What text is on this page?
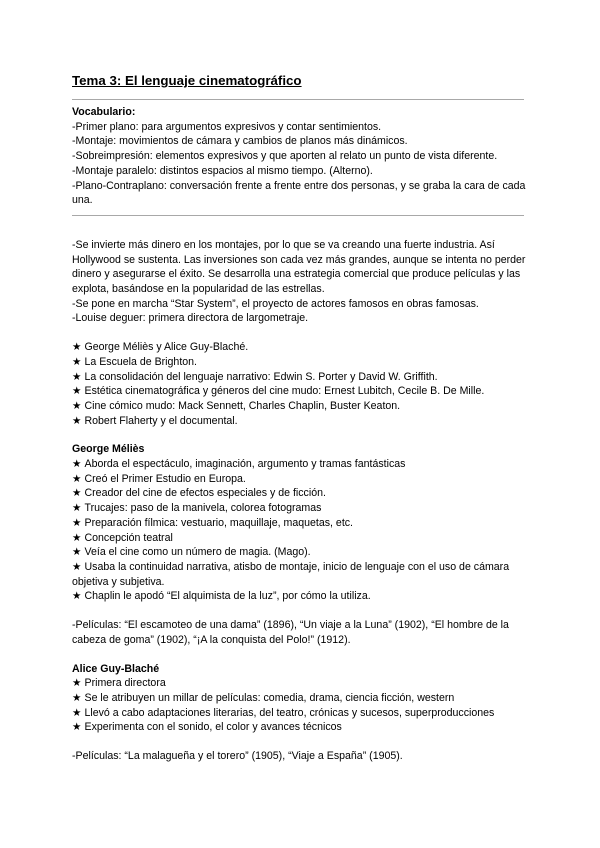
Tema 3: El lenguaje cinematográfico
Vocabulario:

-Primer plano: para argumentos expresivos y contar sentimientos.

-Montaje: movimientos de cámara y cambios de planos más dinámicos.

-Sobreimpresión: elementos expresivos y que aporten al relato un punto de vista diferente.

-Montaje paralelo: distintos espacios al mismo tiempo. (Alterno).

-Plano-Contraplano: conversación frente a frente entre dos personas, y se graba la cara de cada una.

-Se invierte más dinero en los montajes, por lo que se va creando una fuerte industria. Así Hollywood se sustenta. Las inversiones son cada vez más grandes, aunque se intenta no perder dinero y asegurarse el éxito. Se desarrolla una estrategia comercial que produce películas y las explota, basándose en la popularidad de las estrellas.

-Se pone en marcha “Star System”, el proyecto de actores famosos en obras famosas.

-Louise deguer: primera directora de largometraje.

★ George Méliès y Alice Guy-Blaché.
★ La Escuela de Brighton.
★ La consolidación del lenguaje narrativo: Edwin S. Porter y David W. Griffith.
★ Estética cinematográfica y géneros del cine mudo: Ernest Lubitch, Cecile B. De Mille.
★ Cine cómico mudo: Mack Sennett, Charles Chaplin, Buster Keaton.
★ Robert Flaherty y el documental.
George Méliès
★ Aborda el espectáculo, imaginación, argumento y tramas fantásticas
★ Creó el Primer Estudio en Europa.
★ Creador del cine de efectos especiales y de ficción.
★ Trucajes: paso de la manivela, colorea fotogramas
★ Preparación fílmica: vestuario, maquillaje, maquetas, etc.
★ Concepción teatral
★ Veía el cine como un número de magia. (Mago).
★ Usaba la continuidad narrativa, atisbo de montaje, inicio de lenguaje con el uso de cámara objetiva y subjetiva.
★ Chaplin le apodó “El alquimista de la luz”, por cómo la utiliza.

-Películas: “El escamoteo de una dama” (1896), “Un viaje a la Luna” (1902), “El hombre de la cabeza de goma” (1902), “¡A la conquista del Polo!” (1912).

Alice Guy-Blaché
★ Primera directora
★ Se le atribuyen un millar de películas: comedia, drama, ciencia ficción, western
★ Llevó a cabo adaptaciones literarias, del teatro, crónicas y sucesos, superproducciones
★ Experimenta con el sonido, el color y avances técnicos

-Películas: “La malagueña y el torero” (1905), “Viaje a España” (1905).
